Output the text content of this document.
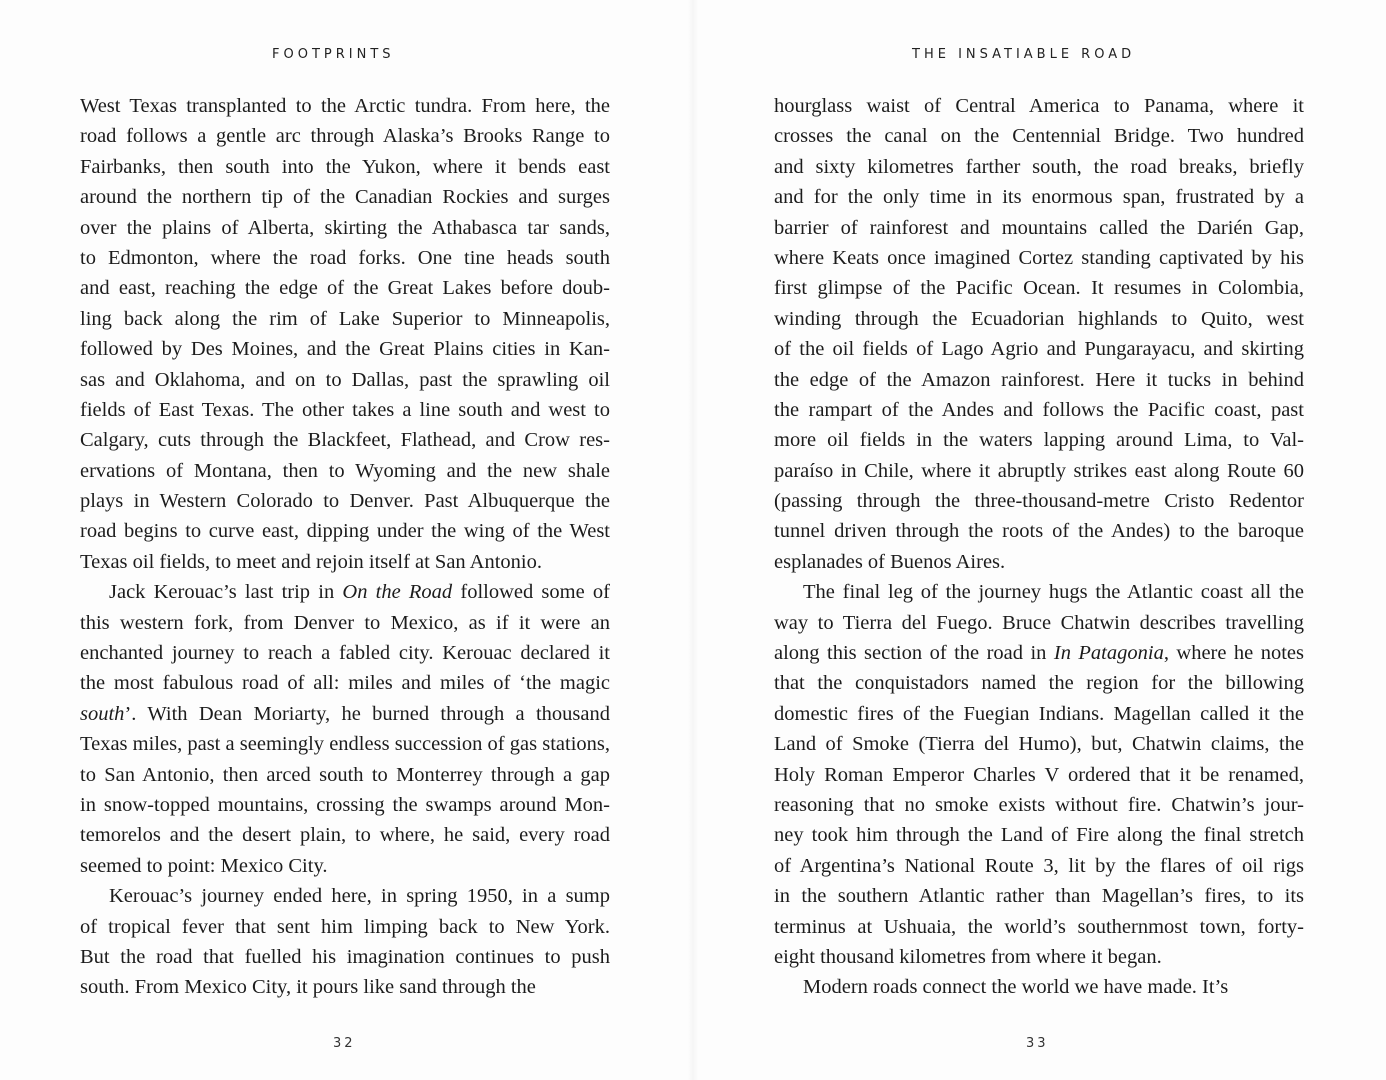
FOOTPRINTS
West Texas transplanted to the Arctic tundra. From here, the
road follows a gentle arc through Alaska’s Brooks Range to
Fairbanks, then south into the Yukon, where it bends east
around the northern tip of the Canadian Rockies and surges
over the plains of Alberta, skirting the Athabasca tar sands,
to Edmonton, where the road forks. One tine heads south
and east, reaching the edge of the Great Lakes before doub-
ling back along the rim of Lake Superior to Minneapolis,
followed by Des Moines, and the Great Plains cities in Kan-
sas and Oklahoma, and on to Dallas, past the sprawling oil
fields of East Texas. The other takes a line south and west to
Calgary, cuts through the Blackfeet, Flathead, and Crow res-
ervations of Montana, then to Wyoming and the new shale
plays in Western Colorado to Denver. Past Albuquerque the
road begins to curve east, dipping under the wing of the West
Texas oil fields, to meet and rejoin itself at San Antonio.
Jack Kerouac’s last trip in On the Road followed some of
this western fork, from Denver to Mexico, as if it were an
enchanted journey to reach a fabled city. Kerouac declared it
the most fabulous road of all: miles and miles of ‘the magic
south’. With Dean Moriarty, he burned through a thousand
Texas miles, past a seemingly endless succession of gas stations,
to San Antonio, then arced south to Monterrey through a gap
in snow-topped mountains, crossing the swamps around Mon-
temorelos and the desert plain, to where, he said, every road
seemed to point: Mexico City.
Kerouac’s journey ended here, in spring 1950, in a sump
of tropical fever that sent him limping back to New York.
But the road that fuelled his imagination continues to push
south. From Mexico City, it pours like sand through the
32
THE INSATIABLE ROAD
hourglass waist of Central America to Panama, where it
crosses the canal on the Centennial Bridge. Two hundred
and sixty kilometres farther south, the road breaks, briefly
and for the only time in its enormous span, frustrated by a
barrier of rainforest and mountains called the Darién Gap,
where Keats once imagined Cortez standing captivated by his
first glimpse of the Pacific Ocean. It resumes in Colombia,
winding through the Ecuadorian highlands to Quito, west
of the oil fields of Lago Agrio and Pungarayacu, and skirting
the edge of the Amazon rainforest. Here it tucks in behind
the rampart of the Andes and follows the Pacific coast, past
more oil fields in the waters lapping around Lima, to Val-
paraíso in Chile, where it abruptly strikes east along Route 60
(passing through the three-thousand-metre Cristo Redentor
tunnel driven through the roots of the Andes) to the baroque
esplanades of Buenos Aires.
The final leg of the journey hugs the Atlantic coast all the
way to Tierra del Fuego. Bruce Chatwin describes travelling
along this section of the road in In Patagonia, where he notes
that the conquistadors named the region for the billowing
domestic fires of the Fuegian Indians. Magellan called it the
Land of Smoke (Tierra del Humo), but, Chatwin claims, the
Holy Roman Emperor Charles V ordered that it be renamed,
reasoning that no smoke exists without fire. Chatwin’s jour-
ney took him through the Land of Fire along the final stretch
of Argentina’s National Route 3, lit by the flares of oil rigs
in the southern Atlantic rather than Magellan’s fires, to its
terminus at Ushuaia, the world’s southernmost town, forty-
eight thousand kilometres from where it began.
Modern roads connect the world we have made. It’s
33
